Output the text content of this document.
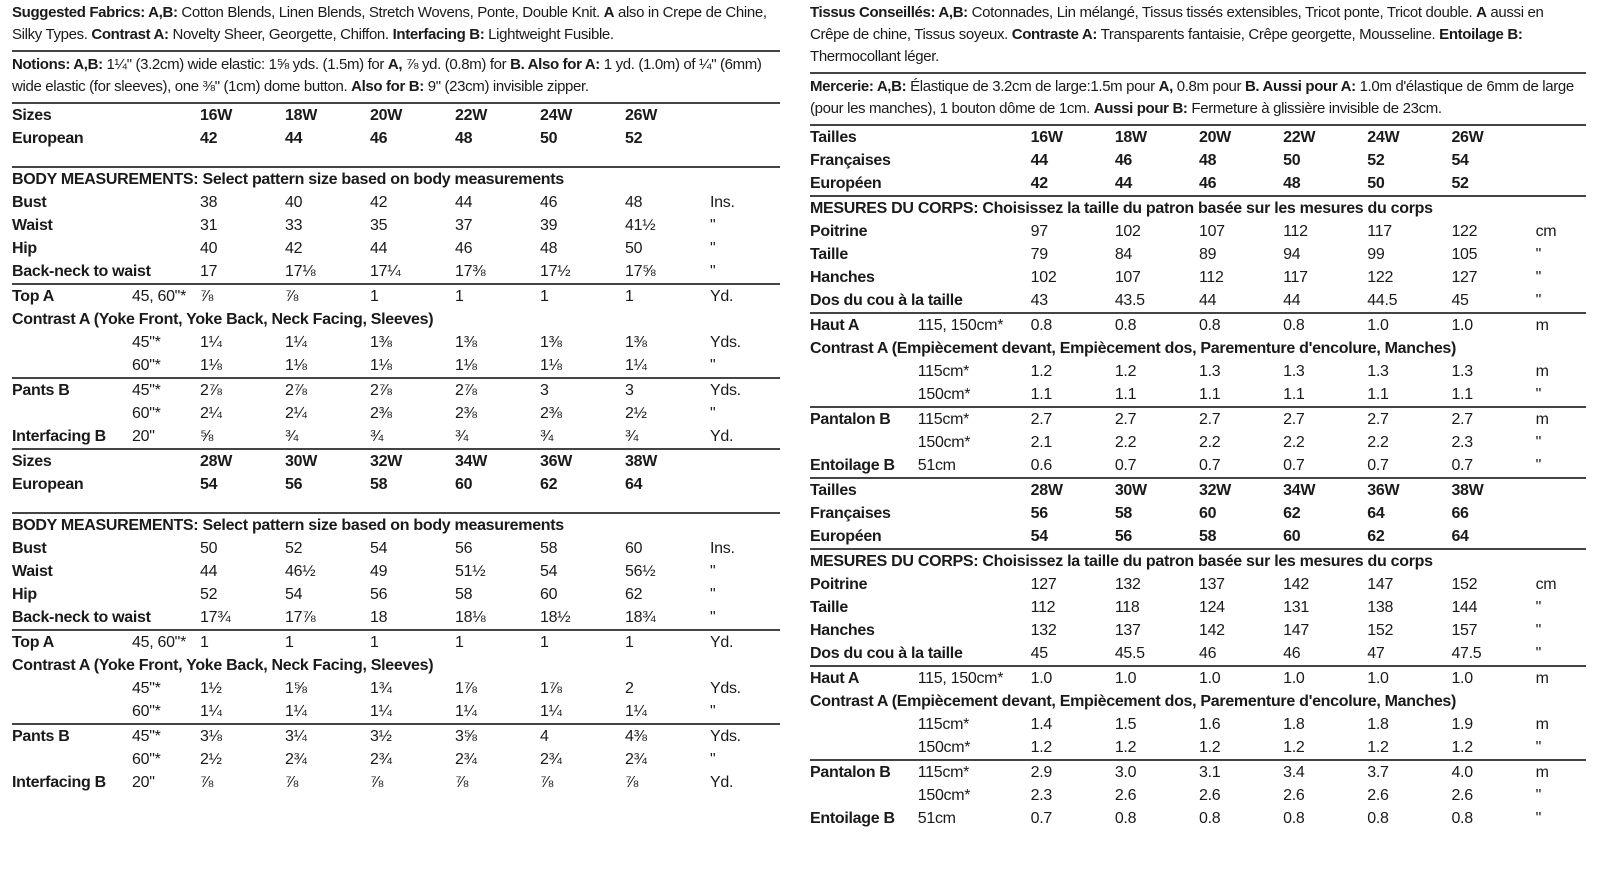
Suggested Fabrics: A,B: Cotton Blends, Linen Blends, Stretch Wovens, Ponte, Double Knit. A also in Crepe de Chine, Silky Types. Contrast A: Novelty Sheer, Georgette, Chiffon. Interfacing B: Lightweight Fusible.

Notions: A,B: 1¼" (3.2cm) wide elastic: 1⅝ yds. (1.5m) for A, ⅞ yd. (0.8m) for B. Also for A: 1 yd. (1.0m) of ¼" (6mm) wide elastic (for sleeves), one ⅜" (1cm) dome button. Also for B: 9" (23cm) invisible zipper.

Sizes		16W	18W	20W	22W	24W	26W	
European		42	44	46	48	50	52	
BODY MEASUREMENTS: Select pattern size based on body measurements
Bust		38	40	42	44	46	48	Ins.
Waist		31	33	35	37	39	41½	"
Hip		40	42	44	46	48	50	"
Back-neck to waist		17	17⅛	17¼	17⅜	17½	17⅝	"
Top A	45, 60"*	⅞	⅞	1	1	1	1	Yd.
Contrast A (Yoke Front, Yoke Back, Neck Facing, Sleeves)
	45"*	1¼	1¼	1⅜	1⅜	1⅜	1⅜	Yds.
	60"*	1⅛	1⅛	1⅛	1⅛	1⅛	1¼	"
Pants B	45"*	2⅞	2⅞	2⅞	2⅞	3	3	Yds.
	60"*	2¼	2¼	2⅜	2⅜	2⅜	2½	"
Interfacing B	20"	⅝	¾	¾	¾	¾	¾	Yd.
Sizes		28W	30W	32W	34W	36W	38W	
European		54	56	58	60	62	64	
BODY MEASUREMENTS: Select pattern size based on body measurements
Bust		50	52	54	56	58	60	Ins.
Waist		44	46½	49	51½	54	56½	"
Hip		52	54	56	58	60	62	"
Back-neck to waist		17¾	17⅞	18	18⅛	18½	18¾	"
Top A	45, 60"*	1	1	1	1	1	1	Yd.
Contrast A (Yoke Front, Yoke Back, Neck Facing, Sleeves)
	45"*	1½	1⅝	1¾	1⅞	1⅞	2	Yds.
	60"*	1¼	1¼	1¼	1¼	1¼	1¼	"
Pants B	45"*	3⅛	3¼	3½	3⅝	4	4⅜	Yds.
	60"*	2½	2¾	2¾	2¾	2¾	2¾	"
Interfacing B	20"	⅞	⅞	⅞	⅞	⅞	⅞	Yd.

Tissus Conseillés: A,B: Cotonnades, Lin mélangé, Tissus tissés extensibles, Tricot ponte, Tricot double. A aussi en Crêpe de chine, Tissus soyeux. Contraste A: Transparents fantaisie, Crêpe georgette, Mousseline. Entoilage B: Thermocollant léger.

Mercerie: A,B: Élastique de 3.2cm de large:1.5m pour A, 0.8m pour B. Aussi pour A: 1.0m d'élastique de 6mm de large (pour les manches), 1 bouton dôme de 1cm. Aussi pour B: Fermeture à glissière invisible de 23cm.

Tailles		16W	18W	20W	22W	24W	26W	
Françaises		44	46	48	50	52	54	
Européen		42	44	46	48	50	52	
MESURES DU CORPS: Choisissez la taille du patron basée sur les mesures du corps
Poitrine		97	102	107	112	117	122	cm
Taille		79	84	89	94	99	105	"
Hanches		102	107	112	117	122	127	"
Dos du cou à la taille		43	43.5	44	44	44.5	45	"
Haut A	115, 150cm*	0.8	0.8	0.8	0.8	1.0	1.0	m
Contrast A (Empiècement devant, Empiècement dos, Parementure d'encolure, Manches)
	115cm*	1.2	1.2	1.3	1.3	1.3	1.3	m
	150cm*	1.1	1.1	1.1	1.1	1.1	1.1	"
Pantalon B	115cm*	2.7	2.7	2.7	2.7	2.7	2.7	m
	150cm*	2.1	2.2	2.2	2.2	2.2	2.3	"
Entoilage B	51cm	0.6	0.7	0.7	0.7	0.7	0.7	"
Tailles		28W	30W	32W	34W	36W	38W	
Françaises		56	58	60	62	64	66	
Européen		54	56	58	60	62	64	
MESURES DU CORPS: Choisissez la taille du patron basée sur les mesures du corps
Poitrine		127	132	137	142	147	152	cm
Taille		112	118	124	131	138	144	"
Hanches		132	137	142	147	152	157	"
Dos du cou à la taille		45	45.5	46	46	47	47.5	"
Haut A	115, 150cm*	1.0	1.0	1.0	1.0	1.0	1.0	m
Contrast A (Empiècement devant, Empiècement dos, Parementure d'encolure, Manches)
	115cm*	1.4	1.5	1.6	1.8	1.8	1.9	m
	150cm*	1.2	1.2	1.2	1.2	1.2	1.2	"
Pantalon B	115cm*	2.9	3.0	3.1	3.4	3.7	4.0	m
	150cm*	2.3	2.6	2.6	2.6	2.6	2.6	"
Entoilage B	51cm	0.7	0.8	0.8	0.8	0.8	0.8	"
